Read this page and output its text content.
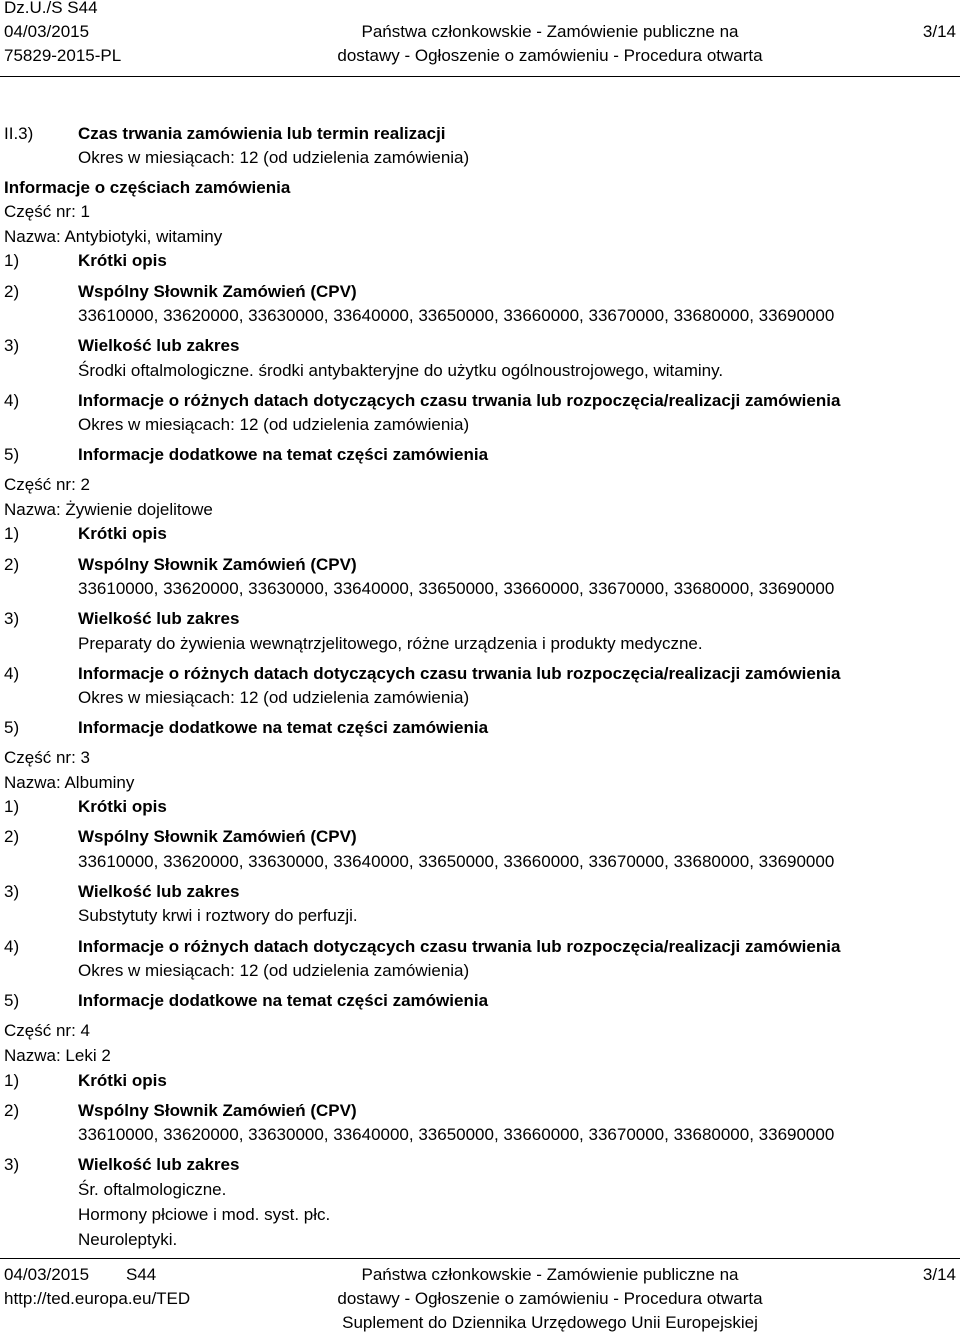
Dz.U./S S44
04/03/2015
75829-2015-PL
Państwa członkowskie - Zamówienie publiczne na
dostawy - Ogłoszenie o zamówieniu - Procedura otwarta
3/14
II.3)	Czas trwania zamówienia lub termin realizacji
Okres w miesiącach: 12 (od udzielenia zamówienia)
Informacje o częściach zamówienia
Część nr: 1
Nazwa: Antybiotyki, witaminy
1)	Krótki opis
2)	Wspólny Słownik Zamówień (CPV)
33610000, 33620000, 33630000, 33640000, 33650000, 33660000, 33670000, 33680000, 33690000
3)	Wielkość lub zakres
Środki oftalmologiczne. środki antybakteryjne do użytku ogólnoustrojowego, witaminy.
4)	Informacje o różnych datach dotyczących czasu trwania lub rozpoczęcia/realizacji zamówienia
Okres w miesiącach: 12 (od udzielenia zamówienia)
5)	Informacje dodatkowe na temat części zamówienia
Część nr: 2
Nazwa: Żywienie dojelitowe
1)	Krótki opis
2)	Wspólny Słownik Zamówień (CPV)
33610000, 33620000, 33630000, 33640000, 33650000, 33660000, 33670000, 33680000, 33690000
3)	Wielkość lub zakres
Preparaty do żywienia wewnątrzjelitowego, różne urządzenia i produkty medyczne.
4)	Informacje o różnych datach dotyczących czasu trwania lub rozpoczęcia/realizacji zamówienia
Okres w miesiącach: 12 (od udzielenia zamówienia)
5)	Informacje dodatkowe na temat części zamówienia
Część nr: 3
Nazwa: Albuminy
1)	Krótki opis
2)	Wspólny Słownik Zamówień (CPV)
33610000, 33620000, 33630000, 33640000, 33650000, 33660000, 33670000, 33680000, 33690000
3)	Wielkość lub zakres
Substytuty krwi i roztwory do perfuzji.
4)	Informacje o różnych datach dotyczących czasu trwania lub rozpoczęcia/realizacji zamówienia
Okres w miesiącach: 12 (od udzielenia zamówienia)
5)	Informacje dodatkowe na temat części zamówienia
Część nr: 4
Nazwa: Leki 2
1)	Krótki opis
2)	Wspólny Słownik Zamówień (CPV)
33610000, 33620000, 33630000, 33640000, 33650000, 33660000, 33670000, 33680000, 33690000
3)	Wielkość lub zakres
Śr. oftalmologiczne.
Hormony płciowe i mod. syst. płc.
Neuroleptyki.
04/03/2015 S44
http://ted.europa.eu/TED
Państwa członkowskie - Zamówienie publiczne na
dostawy - Ogłoszenie o zamówieniu - Procedura otwarta
Suplement do Dziennika Urzędowego Unii Europejskiej
3/14
